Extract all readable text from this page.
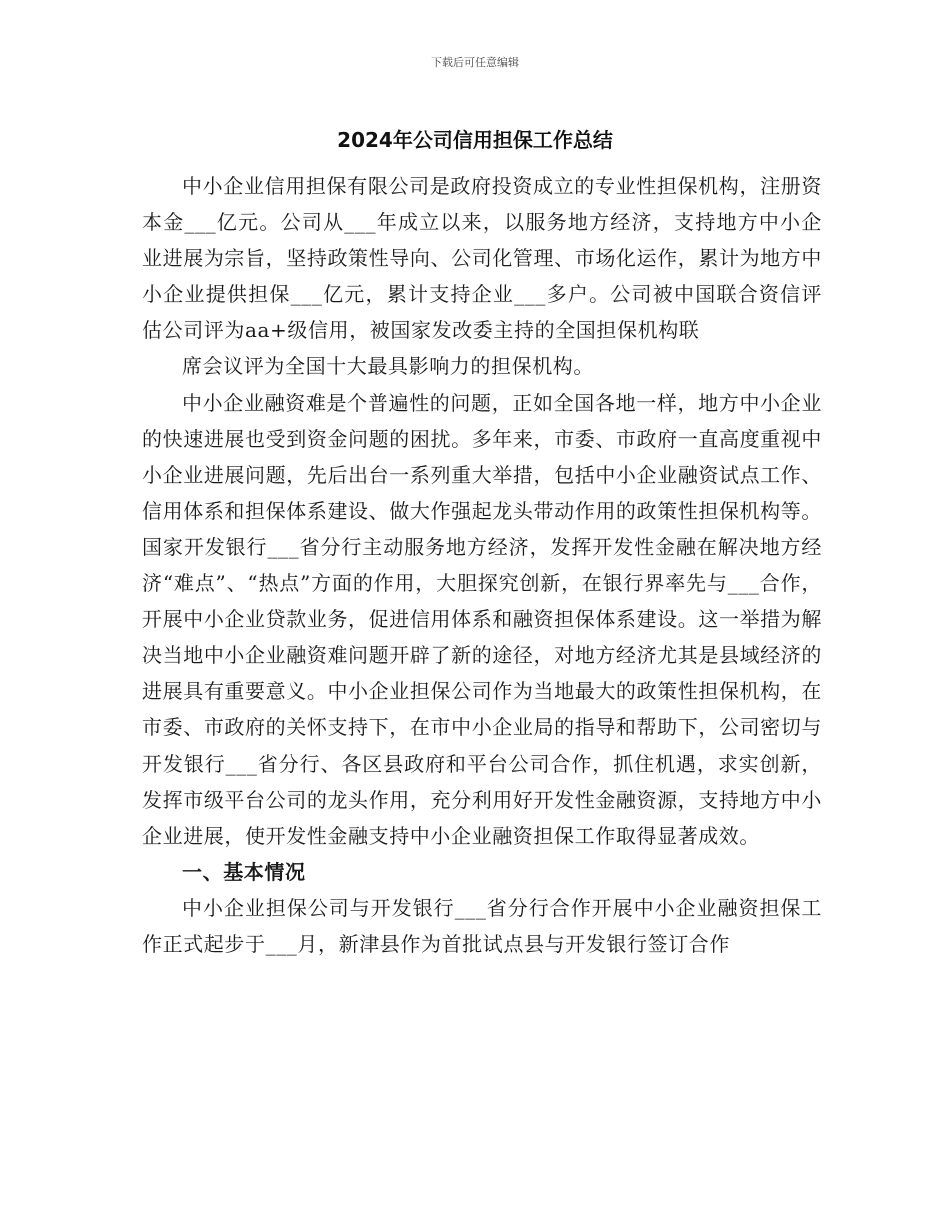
下载后可任意编辑
2024年公司信用担保工作总结

中小企业信用担保有限公司是政府投资成立的专业性担保机构，注册资本金___亿元。公司从___年成立以来，以服务地方经济，支持地方中小企业进展为宗旨，坚持政策性导向、公司化管理、市场化运作，累计为地方中小企业提供担保___亿元，累计支持企业___多户。公司被中国联合资信评估公司评为aa+级信用，被国家发改委主持的全国担保机构联

席会议评为全国十大最具影响力的担保机构。

中小企业融资难是个普遍性的问题，正如全国各地一样，地方中小企业的快速进展也受到资金问题的困扰。多年来，市委、市政府一直高度重视中小企业进展问题，先后出台一系列重大举措，包括中小企业融资试点工作、信用体系和担保体系建设、做大作强起龙头带动作用的政策性担保机构等。国家开发银行___省分行主动服务地方经济，发挥开发性金融在解决地方经济“难点”、“热点”方面的作用，大胆探究创新，在银行界率先与___合作，开展中小企业贷款业务，促进信用体系和融资担保体系建设。这一举措为解决当地中小企业融资难问题开辟了新的途径，对地方经济尤其是县域经济的进展具有重要意义。中小企业担保公司作为当地最大的政策性担保机构，在市委、市政府的关怀支持下，在市中小企业局的指导和帮助下，公司密切与开发银行___省分行、各区县政府和平台公司合作，抓住机遇，求实创新，发挥市级平台公司的龙头作用，充分利用好开发性金融资源，支持地方中小企业进展，使开发性金融支持中小企业融资担保工作取得显著成效。

一、基本情况

中小企业担保公司与开发银行___省分行合作开展中小企业融资担保工作正式起步于___月，新津县作为首批试点县与开发银行签订合作
